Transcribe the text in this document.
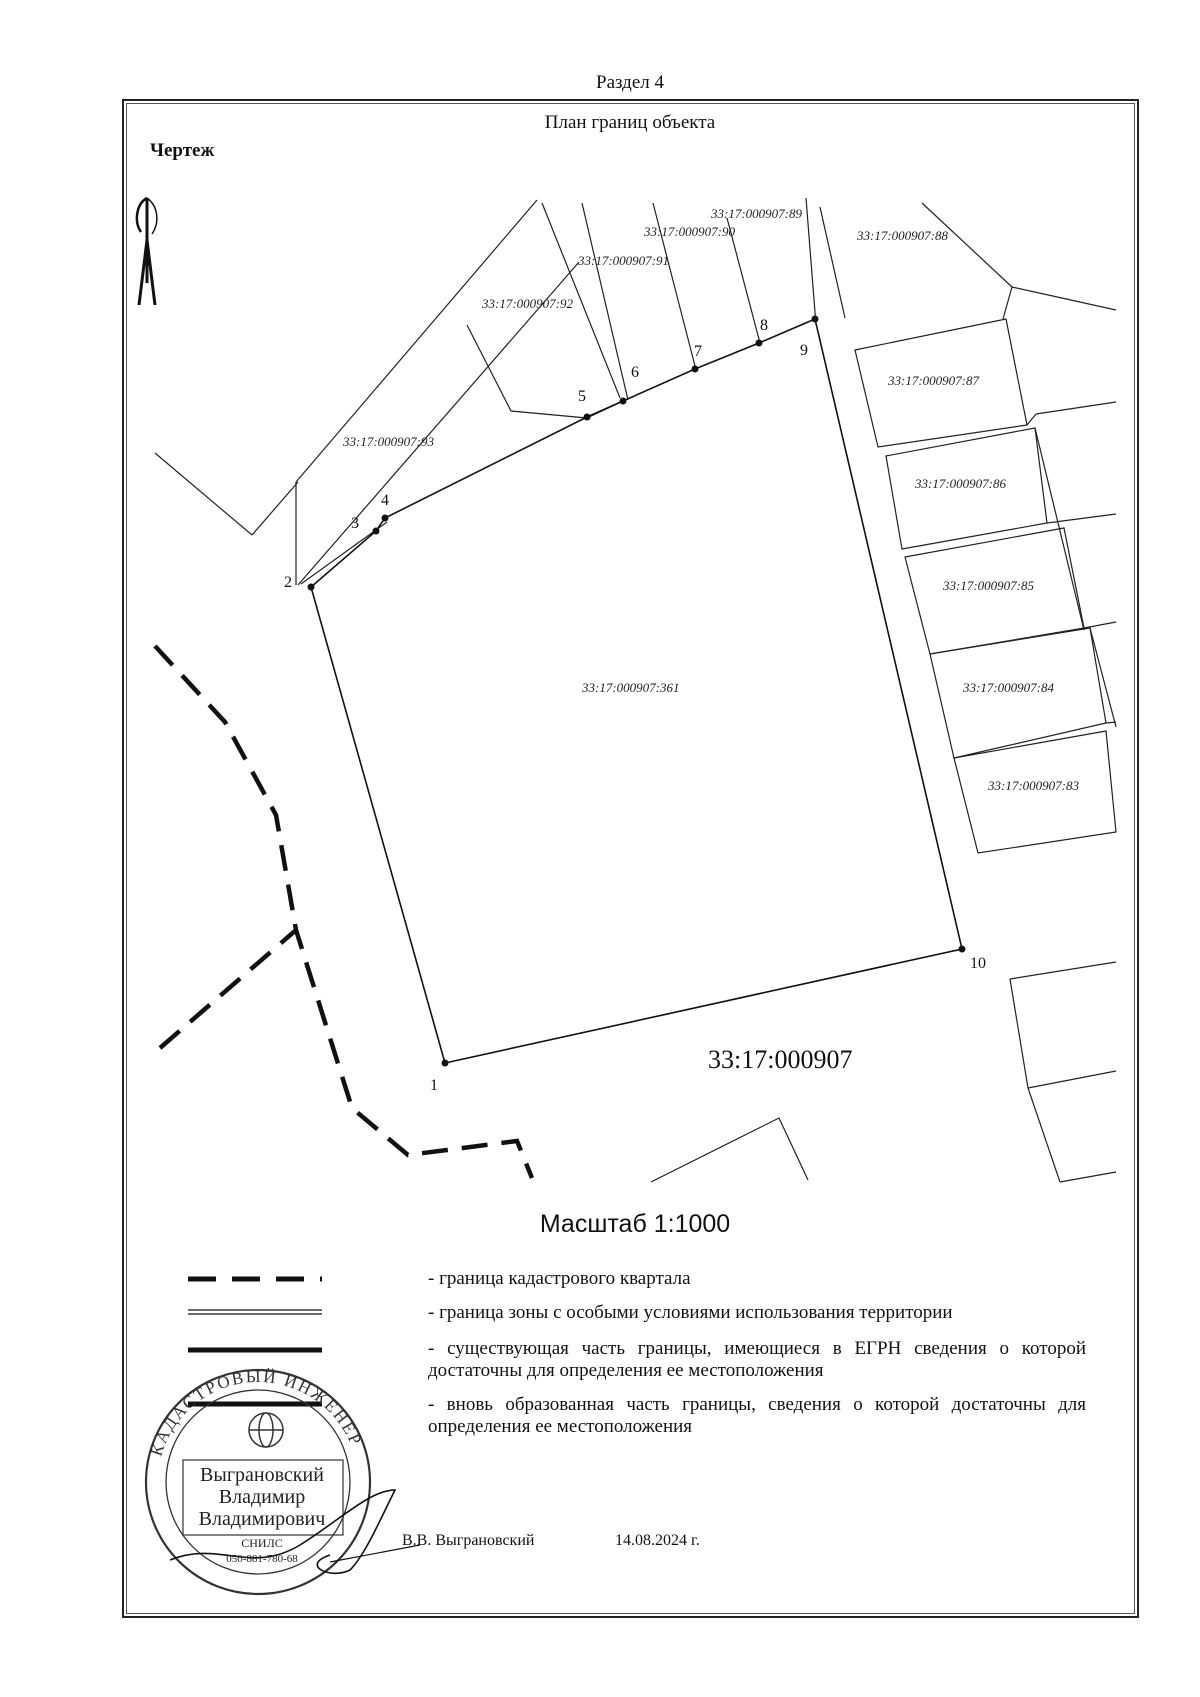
Раздел 4
План границ объекта
Чертеж
1
2
3
4
5
6
7
8
9
10
33:17:000907:89
33:17:000907:90
33:17:000907:91
33:17:000907:92
33:17:000907:88
33:17:000907:93
33:17:000907:87
33:17:000907:86
33:17:000907:85
33:17:000907:84
33:17:000907:83
33:17:000907:361
33:17:000907
КАДАСТРОВЫЙ ИНЖЕНЕР
Выграновский
Владимир
Владимирович
СНИЛС
050-881-780-68
Масштаб 1:1000
- граница кадастрового квартала
- граница зоны с особыми условиями использования территории
- существующая часть границы, имеющиеся в ЕГРН сведения о которой достаточны для определения ее местоположения
- вновь образованная часть границы, сведения о которой достаточны для определения ее местоположения
В.В. Выграновский	14.08.2024 г.
